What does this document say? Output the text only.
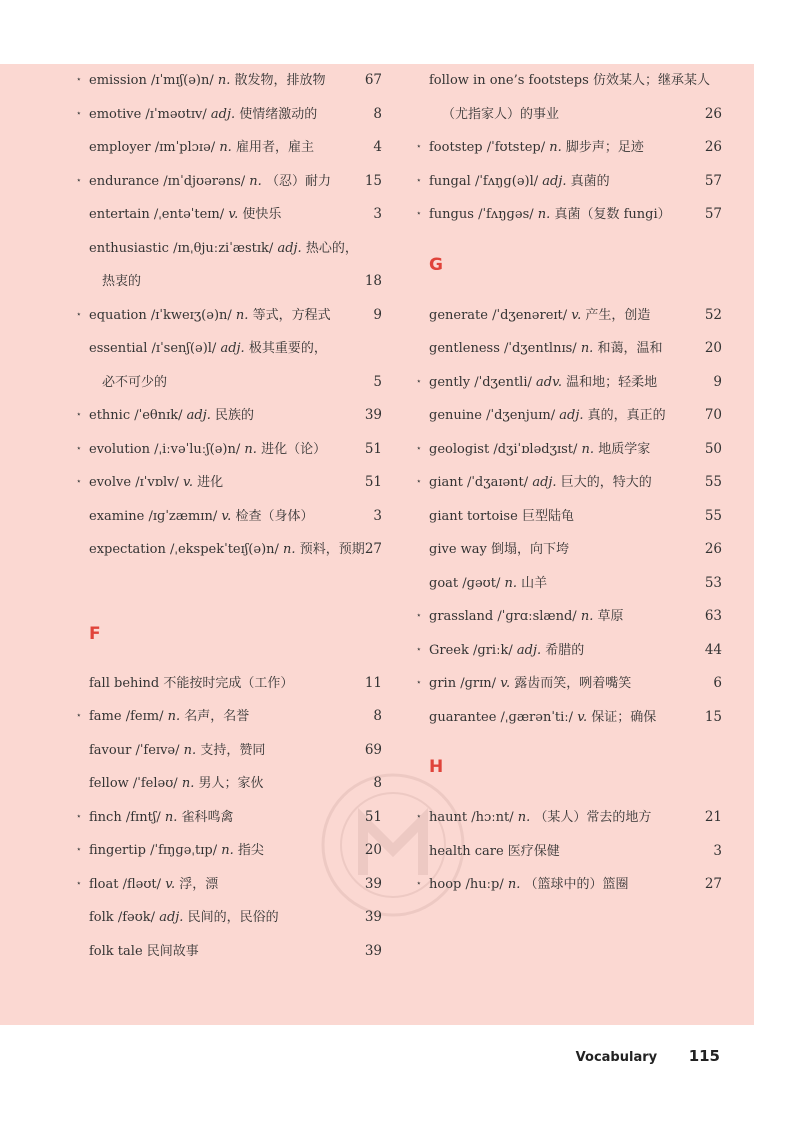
⋆ emission /ɪˈmɪʃ(ə)n/ n. 散发物，排放物	67
⋆ emotive /ɪˈməʊtɪv/ adj. 使情绪激动的	8
employer /ɪmˈplɔɪə/ n. 雇用者，雇主	4
⋆ endurance /ɪnˈdjʊərəns/ n. （忍）耐力	15
entertain /ˌentəˈteɪn/ v. 使快乐	3
enthusiastic /ɪnˌθjuːziˈæstɪk/ adj. 热心的，
热衷的	18
⋆ equation /ɪˈkweɪʒ(ə)n/ n. 等式，方程式	9
essential /ɪˈsenʃ(ə)l/ adj. 极其重要的，
必不可少的	5
⋆ ethnic /ˈeθnɪk/ adj. 民族的	39
⋆ evolution /ˌiːvəˈluːʃ(ə)n/ n. 进化（论）	51
⋆ evolve /ɪˈvɒlv/ v. 进化	51
examine /ɪɡˈzæmɪn/ v. 检查（身体）	3
expectation /ˌekspekˈteɪʃ(ə)n/ n. 预料，预期 27
F
fall behind 不能按时完成（工作）	11
⋆ fame /feɪm/ n. 名声，名誉	8
favour /ˈfeɪvə/ n. 支持，赞同	69
fellow /ˈfeləʊ/ n. 男人；家伙	8
⋆ finch /fɪntʃ/ n. 雀科鸣禽	51
⋆ fingertip /ˈfɪŋɡəˌtɪp/ n. 指尖	20
⋆ float /fləʊt/ v. 浮，漂	39
folk /fəʊk/ adj. 民间的，民俗的	39
folk tale 民间故事	39
follow in one’s footsteps 仿效某人；继承某人
（尤指家人）的事业	26
⋆ footstep /ˈfʊtstep/ n. 脚步声；足迹	26
⋆ fungal /ˈfʌŋɡ(ə)l/ adj. 真菌的	57
⋆ fungus /ˈfʌŋɡəs/ n. 真菌（复数 fungi）	57
G
generate /ˈdʒenəreɪt/ v. 产生，创造	52
gentleness /ˈdʒentlnɪs/ n. 和蔼，温和	20
⋆ gently /ˈdʒentli/ adv. 温和地；轻柔地	9
genuine /ˈdʒenjuɪn/ adj. 真的，真正的	70
⋆ geologist /dʒiˈɒlədʒɪst/ n. 地质学家	50
⋆ giant /ˈdʒaɪənt/ adj. 巨大的，特大的	55
giant tortoise 巨型陆龟	55
give way 倒塌，向下垮	26
goat /ɡəʊt/ n. 山羊	53
⋆ grassland /ˈɡrɑːslænd/ n. 草原	63
⋆ Greek /ɡriːk/ adj. 希腊的	44
⋆ grin /ɡrɪn/ v. 露齿而笑，咧着嘴笑	6
guarantee /ˌɡærənˈtiː/ v. 保证；确保	15
H
⋆ haunt /hɔːnt/ n. （某人）常去的地方	21
health care 医疗保健	3
⋆ hoop /huːp/ n. （篮球中的）篮圈	27
Vocabulary 115
